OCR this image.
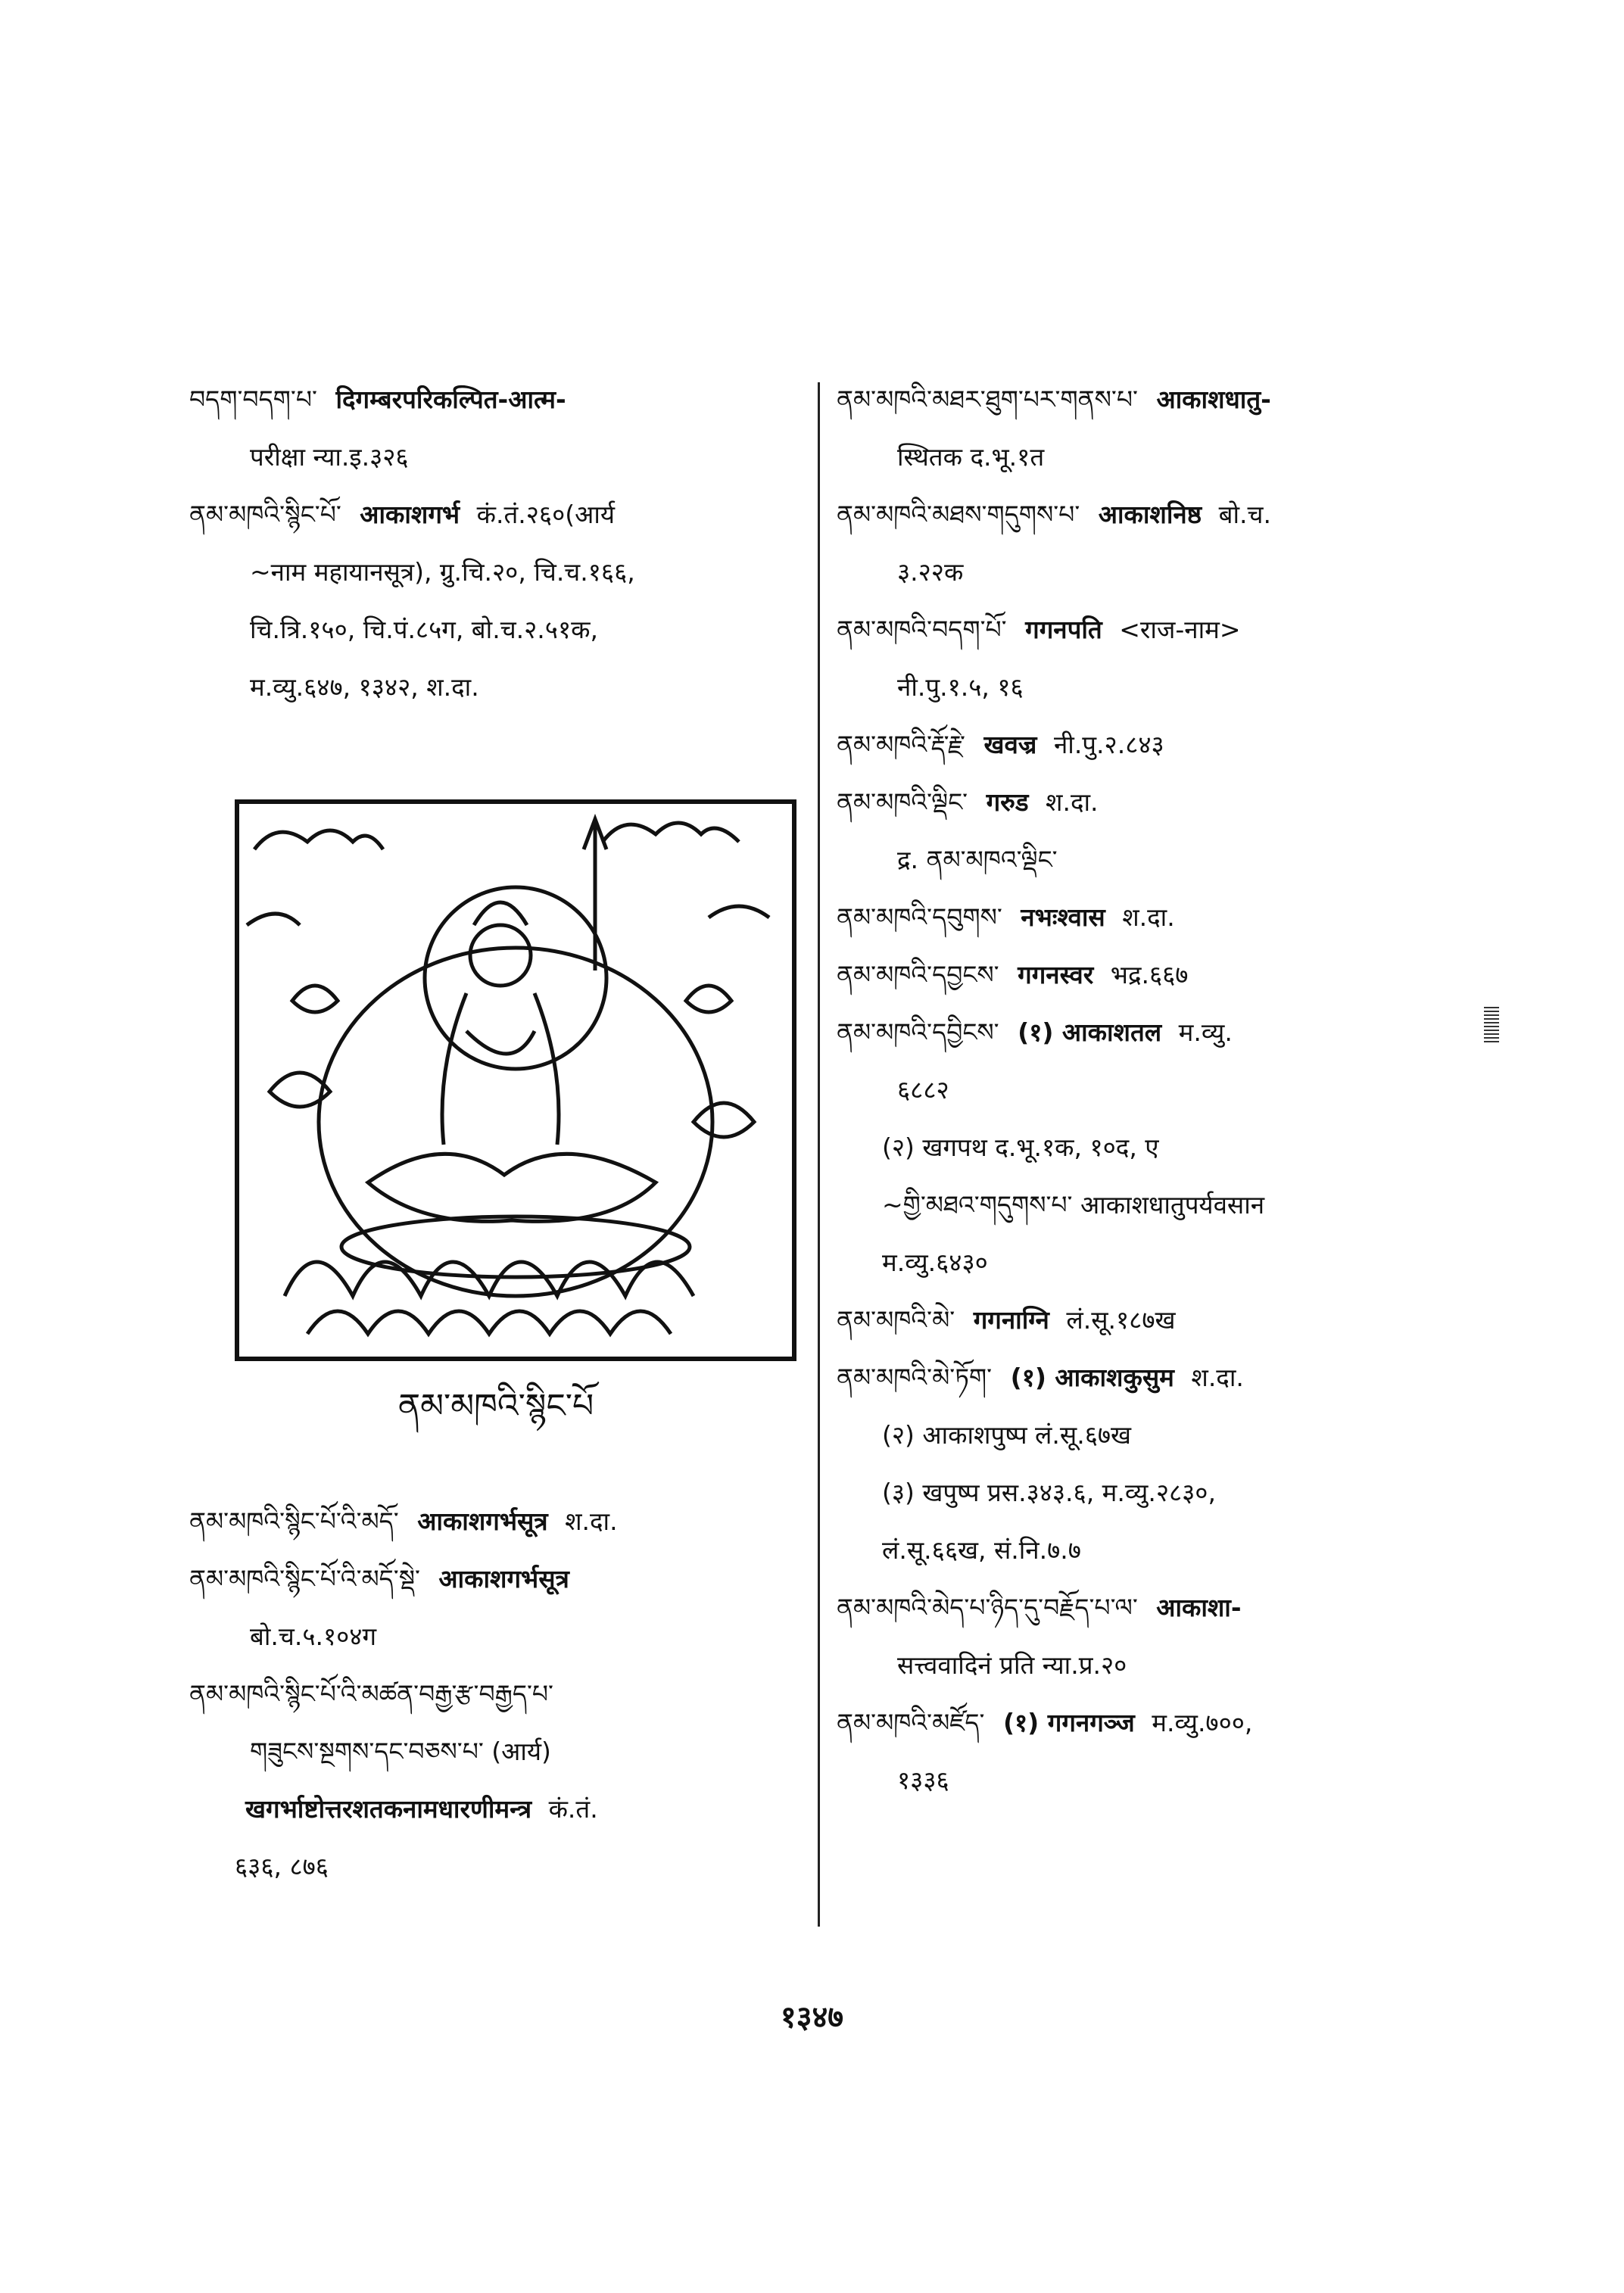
བདག་བདག་པ་ दिगम्बरपरिकल्पित-आत्म-
परीक्षा न्या.इ.३२६
ནམ་མཁའི་སྙིང་པོ་ आकाशगर्भ कं.तं.२६०(आर्य
~नाम महायानसूत्र), ग्रु.चि.२०, चि.च.१६६,
चि.त्रि.१५०, चि.पं.८५ग, बो.च.२.५१क,
म.व्यु.६४७, १३४२, श.दा.
ནམ་མཁའི་སྙིང་པོ
ནམ་མཁའི་སྙིང་པོ་འི་མདོ་ आकाशगर्भसूत्र श.दा.
ནམ་མཁའི་སྙིང་པོ་འི་མདོ་སྡེ་ आकाशगर्भसूत्र
बो.च.५.१०४ग
ནམ་མཁའི་སྙིང་པོ་འི་མཚན་བརྒྱ་རྩ་བརྒྱད་པ་
གཟུངས་སྔགས་དང་བཅས་པ་ (आर्य)
खगर्भाष्टोत्तरशतकनामधारणीमन्त्र कं.तं.
६३६, ८७६
ནམ་མཁའི་མཐར་ཐུག་པར་གནས་པ་ आकाशधातु-
स्थितक द.भू.१त
ནམ་མཁའི་མཐས་གདུགས་པ་ आकाशनिष्ठ बो.च.
३.२२क
ནམ་མཁའི་བདག་པོ་ गगनपति <राज-नाम>
नी.पु.१.५, १६
ནམ་མཁའི་རྡོ་རྗེ་ खवज्र नी.पु.२.८४३
ནམ་མཁའི་ལྡིང་ गरुड श.दा.
द्र. ནམ་མཁའ་ལྡིང་
ནམ་མཁའི་དབུགས་ नभःश्वास श.दा.
ནམ་མཁའི་དབྱངས་ गगनस्वर भद्र.६६७
ནམ་མཁའི་དབྱིངས་ (१) आकाशतल म.व्यु.
६८८२
(२) खगपथ द.भू.१क, १०द, ए
~གྱི་མཐའ་གདུགས་པ་ आकाशधातुपर्यवसान
म.व्यु.६४३०
ནམ་མཁའི་མེ་ गगनाग्नि लं.सू.१८७ख
ནམ་མཁའི་མེ་ཏོག་ (१) आकाशकुसुम श.दा.
(२) आकाशपुष्प लं.सू.६७ख
(३) खपुष्प प्रस.३४३.६, म.व्यु.२८३०,
लं.सू.६६ख, सं.नि.७.७
ནམ་མཁའི་མེད་པ་ཉིད་དུ་བརྗོད་པ་ལ་ आकाशा-
सत्त्ववादिनं प्रति न्या.प्र.२०
ནམ་མཁའི་མཛོད་ (१) गगनगञ्ज म.व्यु.७००,
१३३६
१३४७
